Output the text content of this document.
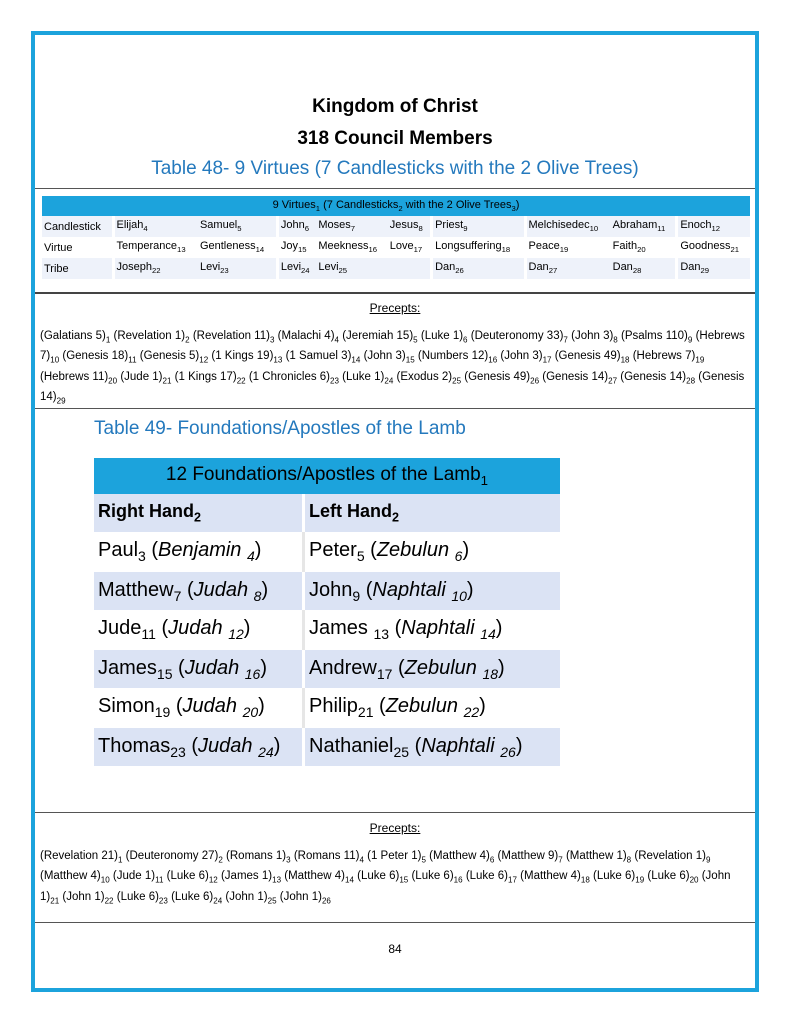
Kingdom of Christ
318 Council Members
Table 48- 9 Virtues (7 Candlesticks with the 2 Olive Trees)
9 Virtues$_1$ (7 Candlesticks$_2$ with the 2 Olive Trees$_3$)									
Candlestick	Elijah$_4$	Samuel$_5$	John$_6$	Moses$_7$	Jesus$_8$	Priest$_9$	Melchisedec$_{10}$	Abraham$_{11}$	Enoch$_{12}$
Virtue	Temperance$_{13}$	Gentleness$_{14}$	Joy$_{15}$	Meekness$_{16}$	Love$_{17}$	Longsuffering$_{18}$	Peace$_{19}$	Faith$_{20}$	Goodness$_{21}$
Tribe	Joseph$_{22}$	Levi$_{23}$	Levi$_{24}$	Levi$_{25}$		Dan$_{26}$	Dan$_{27}$	Dan$_{28}$	Dan$_{29}$
Precepts:
(Galatians $5)_1$ (Revelation $1)_2$ (Revelation $11)_3$ (Malachi $4)_4$ (Jeremiah $15)_5$ (Luke $1)_6$ (Deuteronomy $33)_7$ (John $3)_8$ (Psalms $110)_9$ (Hebrews $7)_{10}$ (Genesis $18)_{11}$ (Genesis $5)_{12}$ (1 Kings $19)_{13}$ (1 Samuel $3)_{14}$ (John $3)_{15}$ (Numbers $12)_{16}$ (John $3)_{17}$ (Genesis $49)_{18}$ (Hebrews $7)_{19}$ (Hebrews $11)_{20}$ (Jude $1)_{21}$ (1 Kings $17)_{22}$ (1 Chronicles $6)_{23}$ (Luke $1)_{24}$ (Exodus $2)_{25}$ (Genesis $49)_{26}$ (Genesis $14)_{27}$ (Genesis $14)_{28}$ (Genesis $14)_{29}$
Table 49- Foundations/Apostles of the Lamb
12 Foundations/Apostles of the Lamb$_1$
Right Hand$_2$	Left Hand$_2$
Paul$_3$ (Benjamin $_4$)	Peter$_5$ (Zebulun $_6$)
Matthew$_7$ (Judah $_8$)	John$_9$ (Naphtali $_{10}$)
Jude$_{11}$ (Judah $_{12}$)	James $_{13}$ (Naphtali $_{14}$)
James$_{15}$ (Judah $_{16}$)	Andrew$_{17}$ (Zebulun $_{18}$)
Simon$_{19}$ (Judah $_{20}$)	Philip$_{21}$ (Zebulun $_{22}$)
Thomas$_{23}$ (Judah $_{24}$)	Nathaniel$_{25}$ (Naphtali $_{26}$)
Precepts:
(Revelation $21)_1$ (Deuteronomy $27)_2$ (Romans $1)_3$ (Romans $11)_4$ (1 Peter $1)_5$ (Matthew $4)_6$ (Matthew $9)_7$ (Matthew $1)_8$ (Revelation $1)_9$ (Matthew $4)_{10}$ (Jude $1)_{11}$ (Luke $6)_{12}$ (James $1)_{13}$ (Matthew $4)_{14}$ (Luke $6)_{15}$ (Luke $6)_{16}$ (Luke $6)_{17}$ (Matthew $4)_{18}$ (Luke $6)_{19}$ (Luke $6)_{20}$ (John $1)_{21}$ (John $1)_{22}$ (Luke $6)_{23}$ (Luke $6)_{24}$ (John $1)_{25}$ (John $1)_{26}$
84
